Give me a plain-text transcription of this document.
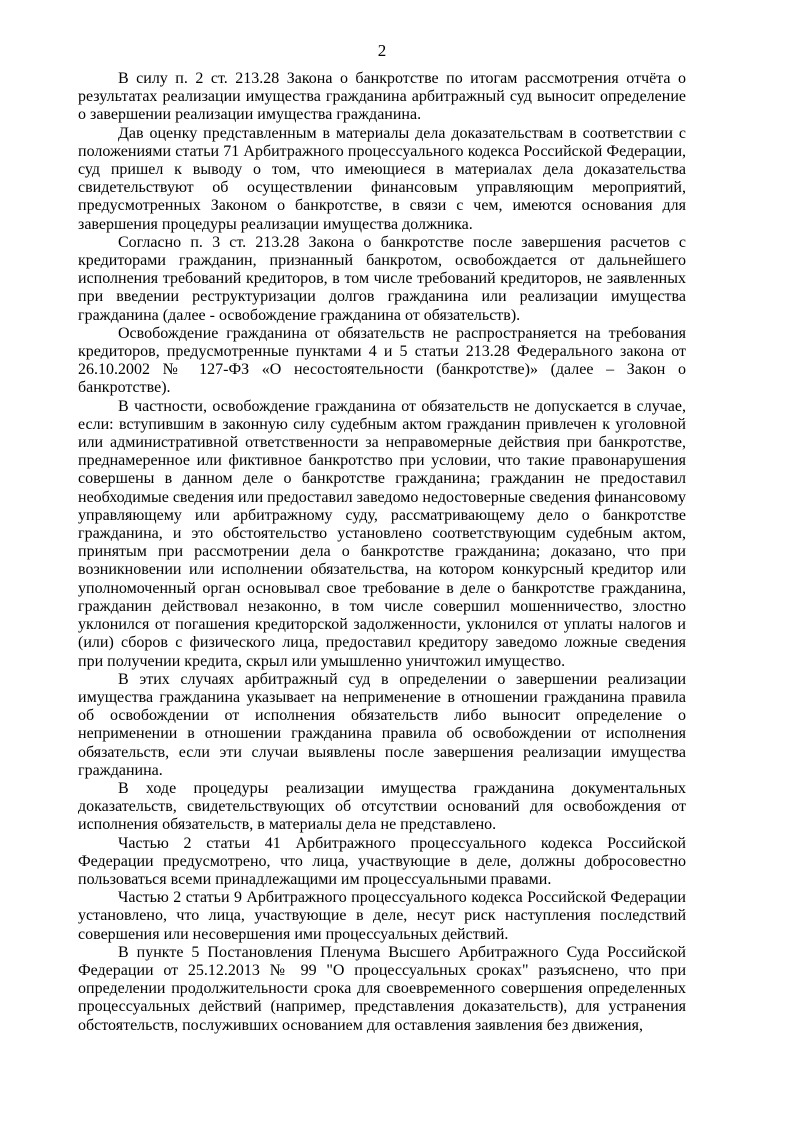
2

В силу п. 2 ст. 213.28 Закона о банкротстве по итогам рассмотрения отчёта о результатах реализации имущества гражданина арбитражный суд выносит определение о завершении реализации имущества гражданина.

Дав оценку представленным в материалы дела доказательствам в соответствии с положениями статьи 71 Арбитражного процессуального кодекса Российской Федерации, суд пришел к выводу о том, что имеющиеся в материалах дела доказательства свидетельствуют об осуществлении финансовым управляющим мероприятий, предусмотренных Законом о банкротстве, в связи с чем, имеются основания для завершения процедуры реализации имущества должника.

Согласно п. 3 ст. 213.28 Закона о банкротстве после завершения расчетов с кредиторами гражданин, признанный банкротом, освобождается от дальнейшего исполнения требований кредиторов, в том числе требований кредиторов, не заявленных при введении реструктуризации долгов гражданина или реализации имущества гражданина (далее - освобождение гражданина от обязательств).

Освобождение гражданина от обязательств не распространяется на требования кредиторов, предусмотренные пунктами 4 и 5 статьи 213.28 Федерального закона от 26.10.2002 № 127-ФЗ «О несостоятельности (банкротстве)» (далее – Закон о банкротстве).

В частности, освобождение гражданина от обязательств не допускается в случае, если: вступившим в законную силу судебным актом гражданин привлечен к уголовной или административной ответственности за неправомерные действия при банкротстве, преднамеренное или фиктивное банкротство при условии, что такие правонарушения совершены в данном деле о банкротстве гражданина; гражданин не предоставил необходимые сведения или предоставил заведомо недостоверные сведения финансовому управляющему или арбитражному суду, рассматривающему дело о банкротстве гражданина, и это обстоятельство установлено соответствующим судебным актом, принятым при рассмотрении дела о банкротстве гражданина; доказано, что при возникновении или исполнении обязательства, на котором конкурсный кредитор или уполномоченный орган основывал свое требование в деле о банкротстве гражданина, гражданин действовал незаконно, в том числе совершил мошенничество, злостно уклонился от погашения кредиторской задолженности, уклонился от уплаты налогов и (или) сборов с физического лица, предоставил кредитору заведомо ложные сведения при получении кредита, скрыл или умышленно уничтожил имущество.

В этих случаях арбитражный суд в определении о завершении реализации имущества гражданина указывает на неприменение в отношении гражданина правила об освобождении от исполнения обязательств либо выносит определение о неприменении в отношении гражданина правила об освобождении от исполнения обязательств, если эти случаи выявлены после завершения реализации имущества гражданина.

В ходе процедуры реализации имущества гражданина документальных доказательств, свидетельствующих об отсутствии оснований для освобождения от исполнения обязательств, в материалы дела не представлено.

Частью 2 статьи 41 Арбитражного процессуального кодекса Российской Федерации предусмотрено, что лица, участвующие в деле, должны добросовестно пользоваться всеми принадлежащими им процессуальными правами.

Частью 2 статьи 9 Арбитражного процессуального кодекса Российской Федерации установлено, что лица, участвующие в деле, несут риск наступления последствий совершения или несовершения ими процессуальных действий.

В пункте 5 Постановления Пленума Высшего Арбитражного Суда Российской Федерации от 25.12.2013 № 99 "О процессуальных сроках" разъяснено, что при определении продолжительности срока для своевременного совершения определенных процессуальных действий (например, представления доказательств), для устранения обстоятельств, послуживших основанием для оставления заявления без движения,
